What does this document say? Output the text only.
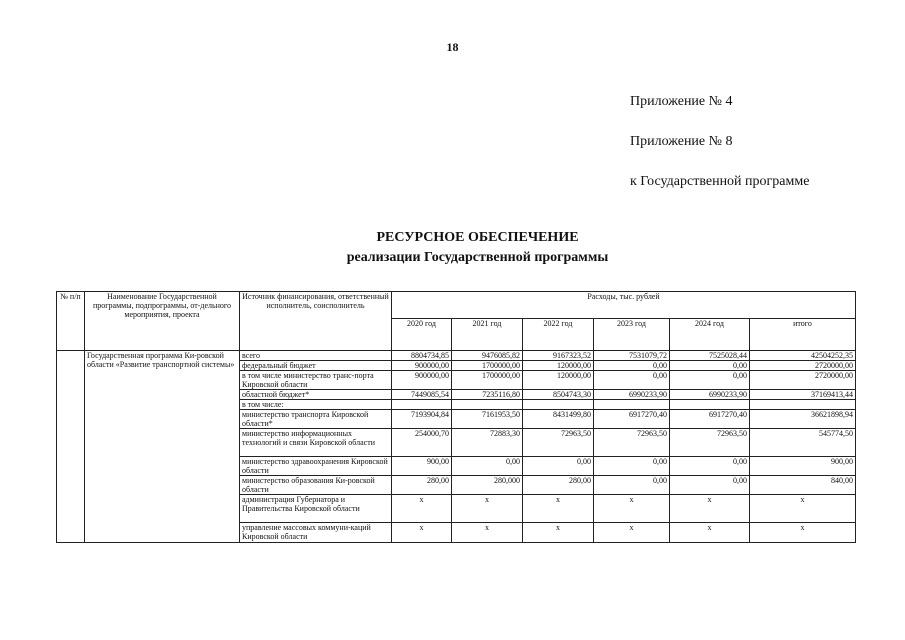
18
Приложение № 4
Приложение № 8
к Государственной программе
РЕСУРСНОЕ ОБЕСПЕЧЕНИЕ
реализации Государственной программы
№ п/п	Наименование Государственной программы, подпрограммы, от-дельного мероприятия, проекта	Источник финансирования, ответственный исполнитель, соисполнитель	Расходы, тыс. рублей					
			2020 год	2021 год	2022 год	2023 год	2024 год	итого
	Государственная программа Ки-ровской области «Развитие транспортной системы»	всего	8804734,85	9476085,82	9167323,52	7531079,72	7525028,44	42504252,35
		федеральный бюджет	900000,00	1700000,00	120000,00	0,00	0,00	2720000,00
		в том числе министерство транс-порта Кировской области	900000,00	1700000,00	120000,00	0,00	0,00	2720000,00
		областной бюджет*	7449085,54	7235116,80	8504743,30	6990233,90	6990233,90	37169413,44
		в том числе:						
		министерство транспорта Кировской области*	7193904,84	7161953,50	8431499,80	6917270,40	6917270,40	36621898,94
		министерство информационных технологий и связи Кировской области	254000,70	72883,30	72963,50	72963,50	72963,50	545774,50
		министерство здравоохранения Кировской области	900,00	0,00	0,00	0,00	0,00	900,00
		министерство образования Ки-ровской области	280,00	280,000	280,00	0,00	0,00	840,00
		администрация Губернатора и Правительства Кировской области	x	x	x	x	x	x
		управление массовых коммуни-каций Кировской области	x	x	x	x	x	x
